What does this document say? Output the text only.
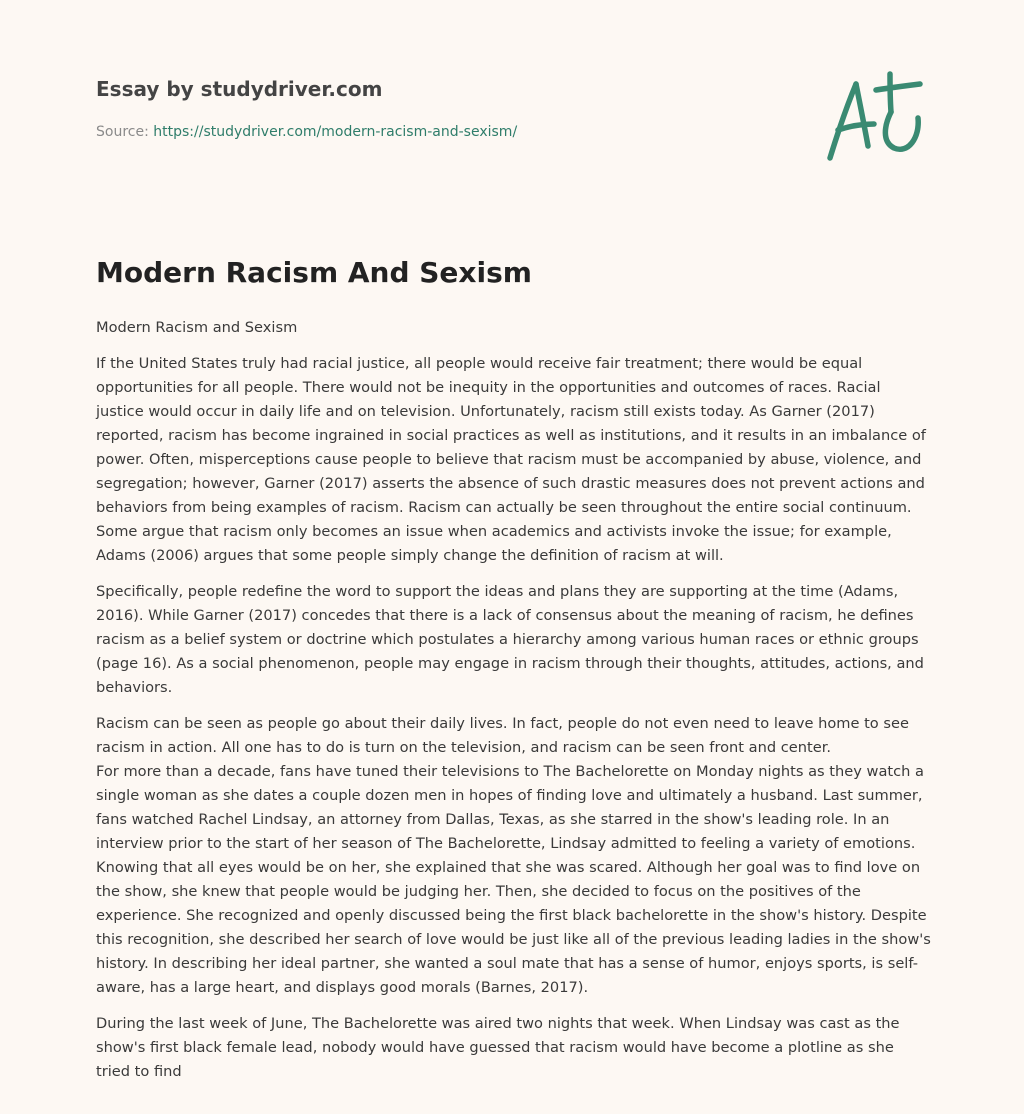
Essay by studydriver.com
Source: https://studydriver.com/modern-racism-and-sexism/
Modern Racism And Sexism

Modern Racism and Sexism

If the United States truly had racial justice, all people would receive fair treatment; there would be equal opportunities for all people. There would not be inequity in the opportunities and outcomes of races. Racial justice would occur in daily life and on television. Unfortunately, racism still exists today. As Garner (2017) reported, racism has become ingrained in social practices as well as institutions, and it results in an imbalance of power. Often, misperceptions cause people to believe that racism must be accompanied by abuse, violence, and segregation; however, Garner (2017) asserts the absence of such drastic measures does not prevent actions and behaviors from being examples of racism. Racism can actually be seen throughout the entire social continuum. Some argue that racism only becomes an issue when academics and activists invoke the issue; for example, Adams (2006) argues that some people simply change the definition of racism at will.

Specifically, people redefine the word to support the ideas and plans they are supporting at the time (Adams, 2016). While Garner (2017) concedes that there is a lack of consensus about the meaning of racism, he defines racism as a belief system or doctrine which postulates a hierarchy among various human races or ethnic groups (page 16). As a social phenomenon, people may engage in racism through their thoughts, attitudes, actions, and behaviors.

Racism can be seen as people go about their daily lives. In fact, people do not even need to leave home to see racism in action. All one has to do is turn on the television, and racism can be seen front and center.

For more than a decade, fans have tuned their televisions to The Bachelorette on Monday nights as they watch a single woman as she dates a couple dozen men in hopes of finding love and ultimately a husband. Last summer, fans watched Rachel Lindsay, an attorney from Dallas, Texas, as she starred in the show's leading role. In an interview prior to the start of her season of The Bachelorette, Lindsay admitted to feeling a variety of emotions. Knowing that all eyes would be on her, she explained that she was scared. Although her goal was to find love on the show, she knew that people would be judging her. Then, she decided to focus on the positives of the experience. She recognized and openly discussed being the first black bachelorette in the show's history. Despite this recognition, she described her search of love would be just like all of the previous leading ladies in the show's history. In describing her ideal partner, she wanted a soul mate that has a sense of humor, enjoys sports, is self-aware, has a large heart, and displays good morals (Barnes, 2017).

During the last week of June, The Bachelorette was aired two nights that week. When Lindsay was cast as the show's first black female lead, nobody would have guessed that racism would have become a plotline as she tried to find
